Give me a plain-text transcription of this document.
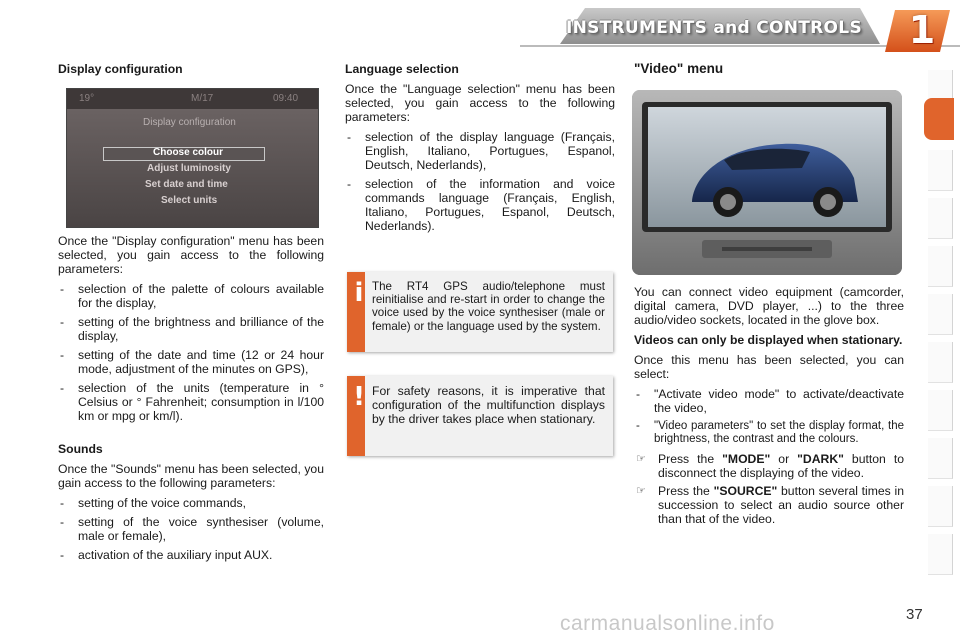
INSTRUMENTS and CONTROLS 1
Display configuration
19°	M/17	09:40
Display configuration
Choose colour
Adjust luminosity
Set date and time
Select units

Once the "Display configuration" menu has been selected, you gain access to the following parameters:

- selection of the palette of colours available for the display,
- setting of the brightness and brilliance of the display,
- setting of the date and time (12 or 24 hour mode, adjustment of the minutes on GPS),
- selection of the units (temperature in ° Celsius or ° Fahrenheit; consumption in l/100 km or mpg or km/l).
Sounds

Once the "Sounds" menu has been selected, you gain access to the following parameters:

- setting of the voice commands,
- setting of the voice synthesiser (volume, male or female),
- activation of the auxiliary input AUX.
Language selection

Once the "Language selection" menu has been selected, you gain access to the following parameters:

- selection of the display language (Français, English, Italiano, Portugues, Espanol, Deutsch, Nederlands),
- selection of the information and voice commands language (Français, English, Italiano, Portugues, Espanol, Deutsch, Nederlands).
i The RT4 GPS audio/telephone must reinitialise and re-start in order to change the voice used by the voice synthesiser (male or female) or the language used by the system.
! For safety reasons, it is imperative that configuration of the multifunction displays by the driver takes place when stationary.
"Video" menu

You can connect video equipment (camcorder, digital camera, DVD player, ...) to the three audio/video sockets, located in the glove box.

Videos can only be displayed when stationary.

Once this menu has been selected, you can select:

- "Activate video mode" to activate/deactivate the video,
- "Video parameters" to set the display format, the brightness, the contrast and the colours.
☞ Press the "MODE" or "DARK" button to disconnect the displaying of the video.
☞ Press the "SOURCE" button several times in succession to select an audio source other than that of the video.
carmanualsonline.info	37
